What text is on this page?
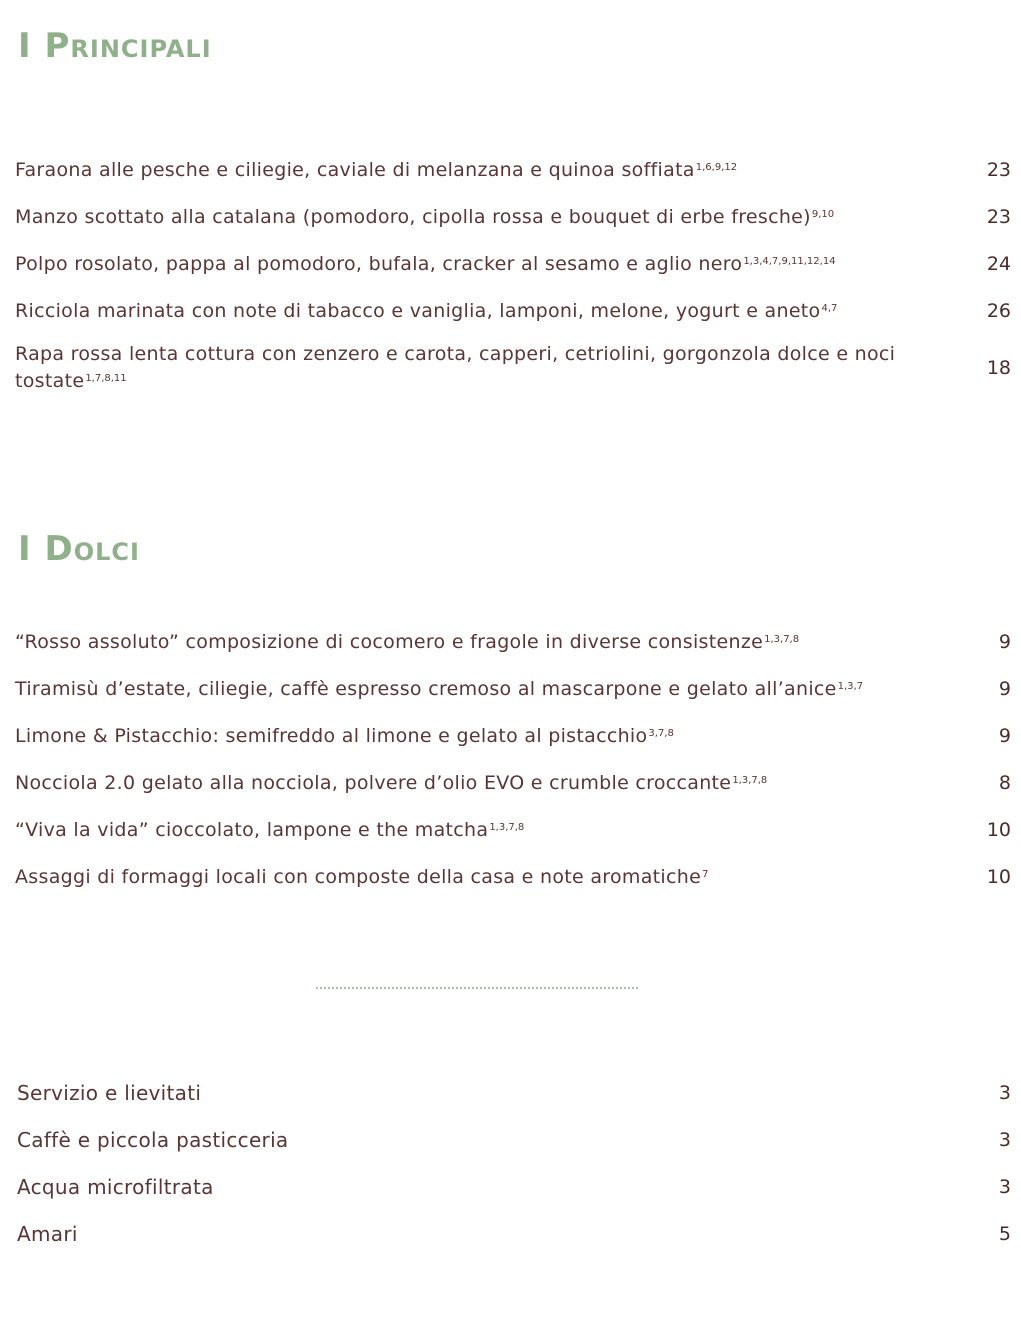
I Principali
Faraona alle pesche e ciliegie, caviale di melanzana e quinoa soffiata$^{1,6,9,12}$	23
Manzo scottato alla catalana (pomodoro, cipolla rossa e bouquet di erbe fresche)$^{9,10}$	23
Polpo rosolato, pappa al pomodoro, bufala, cracker al sesamo e aglio nero$^{1,3,4,7,9,11,12,14}$	24
Ricciola marinata con note di tabacco e vaniglia, lamponi, melone, yogurt e aneto$^{4,7}$	26
Rapa rossa lenta cottura con zenzero e carota, capperi, cetriolini, gorgonzola dolce e noci tostate$^{1,7,8,11}$	18
I Dolci
“Rosso assoluto” composizione di cocomero e fragole in diverse consistenze$^{1,3,7,8}$	9
Tiramisù d’estate, ciliegie, caffè espresso cremoso al mascarpone e gelato all’anice$^{1,3,7}$	9
Limone & Pistacchio: semifreddo al limone e gelato al pistacchio$^{3,7,8}$	9
Nocciola 2.0 gelato alla nocciola, polvere d’olio EVO e crumble croccante$^{1,3,7,8}$	8
“Viva la vida” cioccolato, lampone e the matcha$^{1,3,7,8}$	10
Assaggi di formaggi locali con composte della casa e note aromatiche$^7$	10
Servizio e lievitati	3
Caffè e piccola pasticceria	3
Acqua microfiltrata	3
Amari	5
